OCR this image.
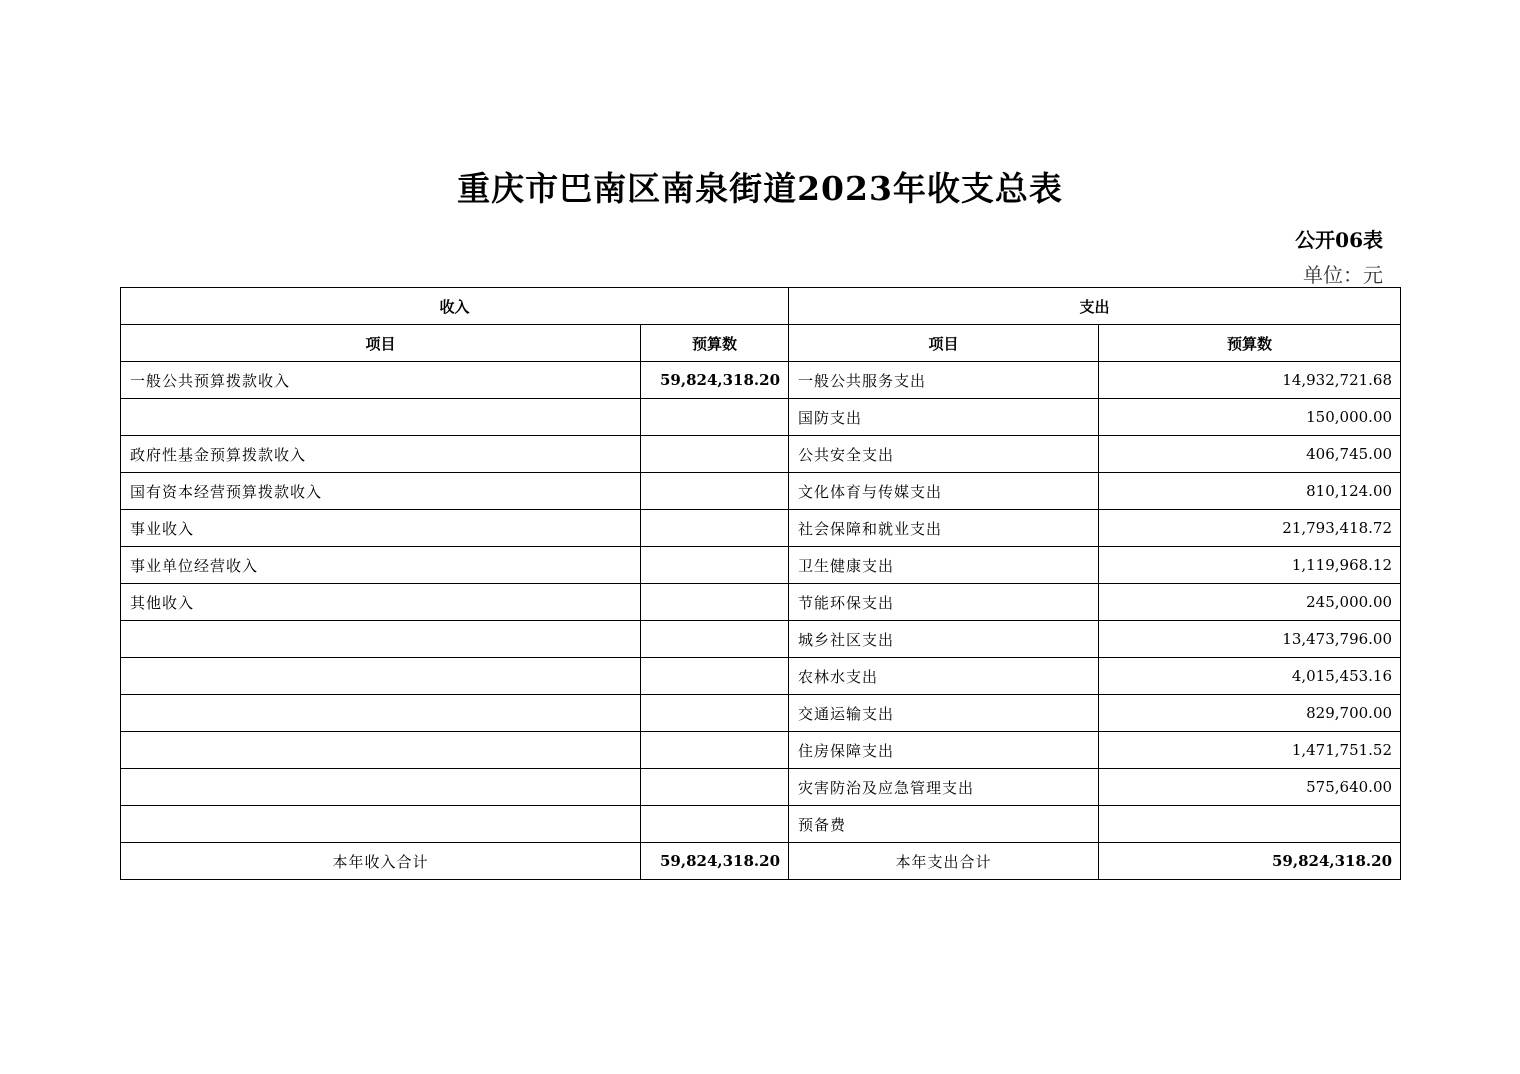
重庆市巴南区南泉街道2023年收支总表
公开06表
单位：元
收入		支出	
项目	预算数	项目	预算数
一般公共预算拨款收入	59,824,318.20	一般公共服务支出	14,932,721.68
		国防支出	150,000.00
政府性基金预算拨款收入		公共安全支出	406,745.00
国有资本经营预算拨款收入		文化体育与传媒支出	810,124.00
事业收入		社会保障和就业支出	21,793,418.72
事业单位经营收入		卫生健康支出	1,119,968.12
其他收入		节能环保支出	245,000.00
		城乡社区支出	13,473,796.00
		农林水支出	4,015,453.16
		交通运输支出	829,700.00
		住房保障支出	1,471,751.52
		灾害防治及应急管理支出	575,640.00
		预备费	
本年收入合计	59,824,318.20	本年支出合计	59,824,318.20
